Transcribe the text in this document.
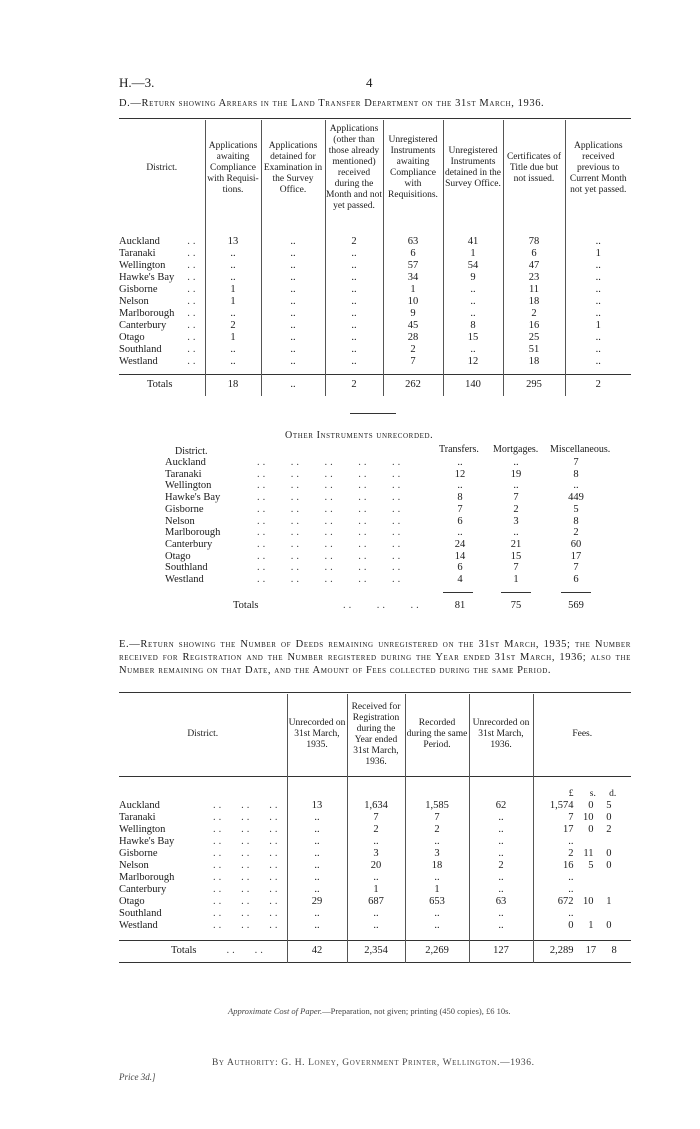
H.—3.	4
D.—Return showing Arrears in the Land Transfer Department on the 31st March, 1936.
District.	Applications awaiting Compliance with Requisi-tions.	Applications detained for Examination in the Survey Office.	Applications (other than those already mentioned) received during the Month and not yet passed.	Unregistered Instruments awaiting Compliance with Requisitions.	Unregistered Instruments detained in the Survey Office.	Certificates of Title due but not issued.	Applications received previous to Current Month not yet passed.

Auckland ..	13	..	2	63	41	78	..
Taranaki ..	..	..	..	6	1	6	1
Wellington ..	..	..	..	57	54	47	..
Hawke's Bay ..	..	..	..	34	9	23	..
Gisborne ..	1	..	..	1	..	11	..
Nelson ..	1	..	..	10	..	18	..
Marlborough ..	..	..	..	9	..	2	..
Canterbury ..	2	..	..	45	8	16	1
Otago ..	1	..	..	28	15	25	..
Southland ..	..	..	..	2	..	51	..
Westland ..	..	..	..	7	12	18	..

Totals	18	..	2	262	140	295	2
Other Instruments unrecorded.
District.	Transfers. Mortgages. Miscellaneous.
Auckland	..    ..    ..    ..    ..	..	..	7
Taranaki	..    ..    ..    ..    ..	12	19	8
Wellington	..    ..    ..    ..    ..	..	..	..
Hawke's Bay	..    ..    ..    ..    ..	8	7	449
Gisborne	..    ..    ..    ..    ..	7	2	5
Nelson	..    ..    ..    ..    ..	6	3	8
Marlborough	..    ..    ..    ..    ..	..	..	2
Canterbury	..    ..    ..    ..    ..	24	21	60
Otago	..    ..    ..    ..    ..	14	15	17
Southland	..    ..    ..    ..    ..	6	7	7
Westland	..    ..    ..    ..    ..	4	1	6
Totals	..    ..    ..	81	75	569
E.—Return showing the Number of Deeds remaining unregistered on the 31st March, 1935; the Number received for Registration and the Number registered during the Year ended 31st March, 1936; also the Number remaining on that Date, and the Amount of Fees collected during the same Period.
District.	Unrecorded on 31st March, 1935.	Received for Registration during the Year ended 31st March, 1936.	Recorded during the same Period.	Unrecorded on 31st March, 1936.	Fees.
					£ s. d.
Auckland ..   ..   ..	13	1,634	1,585	62	1,574 0 5
Taranaki ..   ..   ..	..	7	7	..	7 10 0
Wellington ..   ..   ..	..	2	2	..	17 0 2
Hawke's Bay ..   ..   ..	..	..	..	..	..
Gisborne ..   ..   ..	..	3	3	..	2 11 0
Nelson ..   ..   ..	..	20	18	2	16 5 0
Marlborough ..   ..   ..	..	..	..	..	..
Canterbury ..   ..   ..	..	1	1	..	..
Otago ..   ..   ..	29	687	653	63	672 10 1
Southland ..   ..   ..	..	..	..	..	..
Westland ..   ..   ..	..	..	..	..	0 1 0

Totals ..   ..	42	2,354	2,269	127	2,289 17 8
Approximate Cost of Paper.—Preparation, not given; printing (450 copies), £6 10s.
By Authority: G. H. Loney, Government Printer, Wellington.—1936.
Price 3d.]
